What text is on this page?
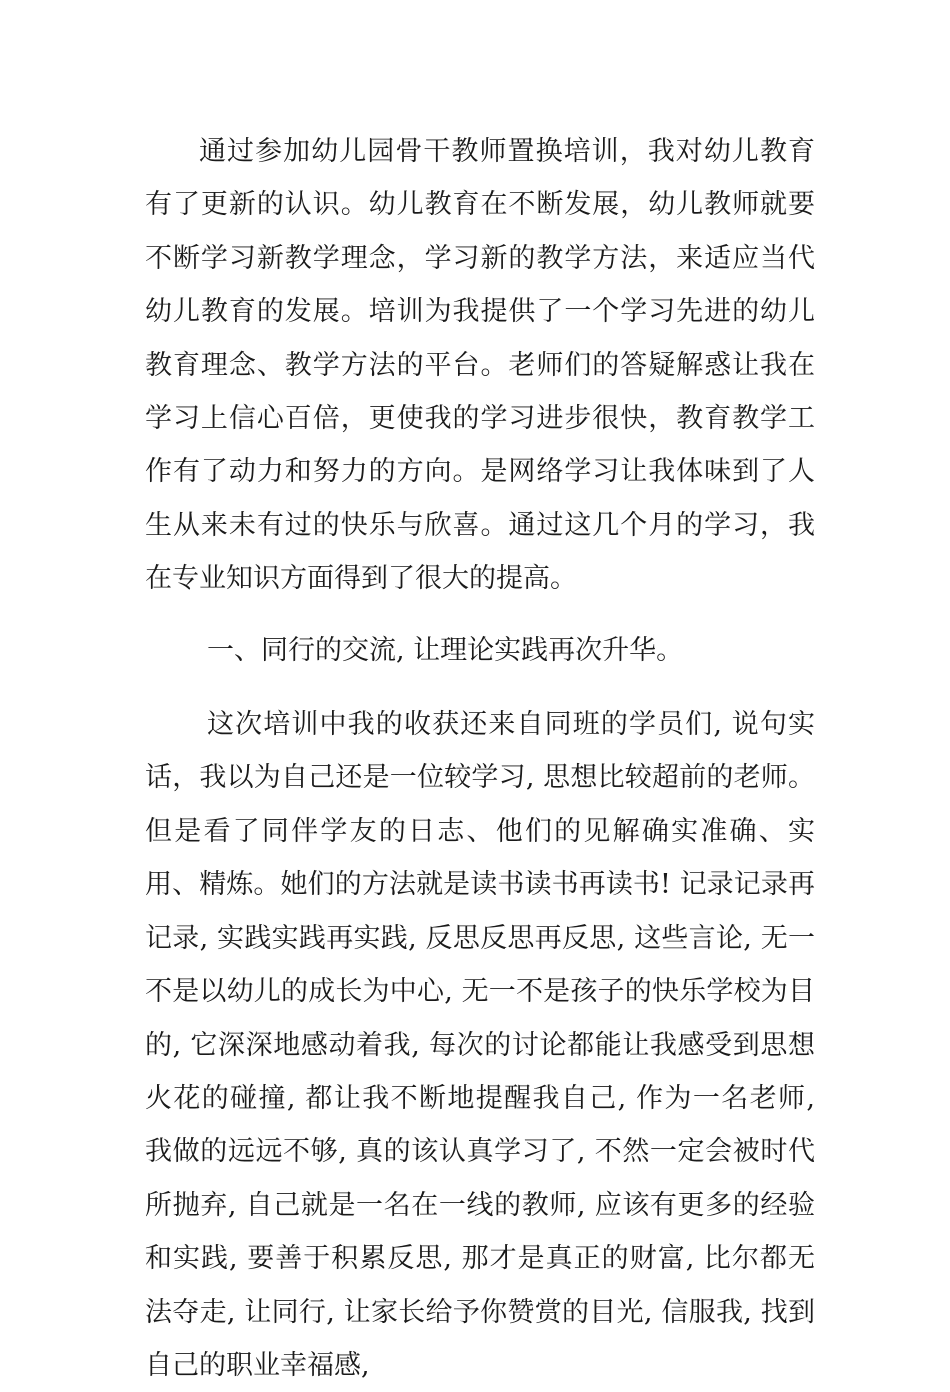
通过参加幼儿园骨干教师置换培训，我对幼儿教育有了更新的认识。幼儿教育在不断发展，幼儿教师就要不断学习新教学理念，学习新的教学方法，来适应当代幼儿教育的发展。培训为我提供了一个学习先进的幼儿教育理念、教学方法的平台。老师们的答疑解惑让我在学习上信心百倍，更使我的学习进步很快，教育教学工作有了动力和努力的方向。是网络学习让我体味到了人生从来未有过的快乐与欣喜。通过这几个月的学习，我在专业知识方面得到了很大的提高。

一、同行的交流, 让理论实践再次升华。

这次培训中我的收获还来自同班的学员们, 说句实话，我以为自己还是一位较学习, 思想比较超前的老师。但是看了同伴学友的日志、他们的见解确实准确、实用、精炼。她们的方法就是读书读书再读书! 记录记录再记录, 实践实践再实践, 反思反思再反思, 这些言论, 无一不是以幼儿的成长为中心, 无一不是孩子的快乐学校为目的, 它深深地感动着我, 每次的讨论都能让我感受到思想火花的碰撞, 都让我不断地提醒我自己, 作为一名老师, 我做的远远不够, 真的该认真学习了, 不然一定会被时代所抛弃, 自己就是一名在一线的教师, 应该有更多的经验和实践, 要善于积累反思, 那才是真正的财富, 比尔都无法夺走, 让同行, 让家长给予你赞赏的目光, 信服我, 找到自己的职业幸福感,
